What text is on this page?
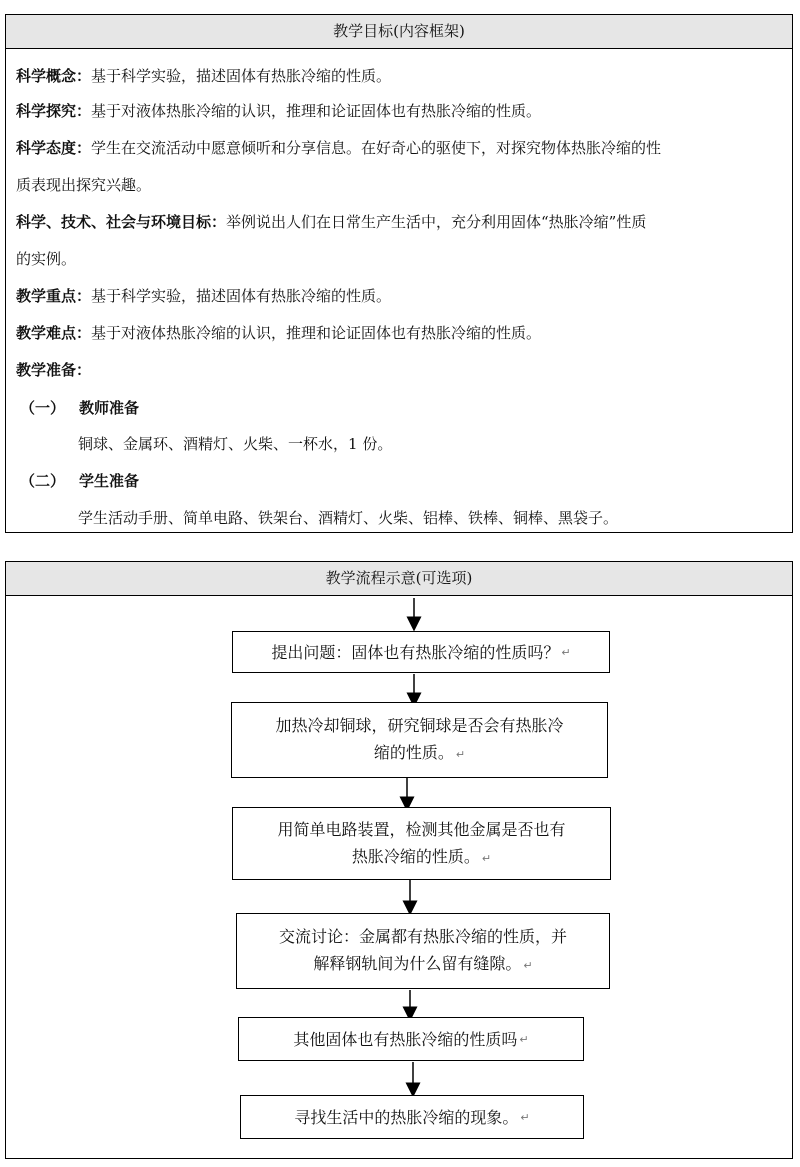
教学目标(内容框架)
科学概念：基于科学实验，描述固体有热胀冷缩的性质。
科学探究：基于对液体热胀冷缩的认识，推理和论证固体也有热胀冷缩的性质。
科学态度：学生在交流活动中愿意倾听和分享信息。在好奇心的驱使下，对探究物体热胀冷缩的性
质表现出探究兴趣。
科学、技术、社会与环境目标：举例说出人们在日常生产生活中，充分利用固体“热胀冷缩”性质
的实例。
教学重点：基于科学实验，描述固体有热胀冷缩的性质。
教学难点：基于对液体热胀冷缩的认识，推理和论证固体也有热胀冷缩的性质。
教学准备：
（一） 教师准备
铜球、金属环、酒精灯、火柴、一杯水，1 份。
（二） 学生准备
学生活动手册、简单电路、铁架台、酒精灯、火柴、铝棒、铁棒、铜棒、黑袋子。
教学流程示意(可选项)
提出问题：固体也有热胀冷缩的性质吗？ ↵
加热冷却铜球，研究铜球是否会有热胀冷
缩的性质。 ↵
用简单电路装置，检测其他金属是否也有
热胀冷缩的性质。 ↵
交流讨论：金属都有热胀冷缩的性质，并
解释钢轨间为什么留有缝隙。 ↵
其他固体也有热胀冷缩的性质吗 ↵
寻找生活中的热胀冷缩的现象。 ↵
